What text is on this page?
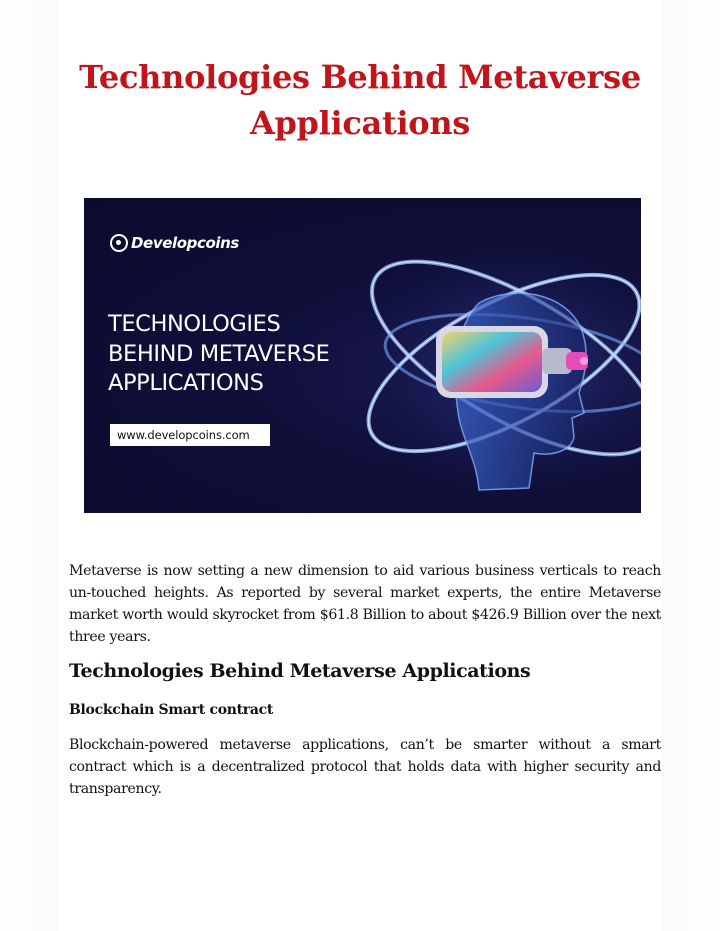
Technologies Behind Metaverse Applications
Developcoins
TECHNOLOGIES
BEHIND METAVERSE
APPLICATIONS
www.developcoins.com

Metaverse is now setting a new dimension to aid various business verticals to reach un-touched heights. As reported by several market experts, the entire Metaverse market worth would skyrocket from $61.8 Billion to about $426.9 Billion over the next three years.

Technologies Behind Metaverse Applications
Blockchain Smart contract

Blockchain-powered metaverse applications, can’t be smarter without a smart contract which is a decentralized protocol that holds data with higher security and transparency.
